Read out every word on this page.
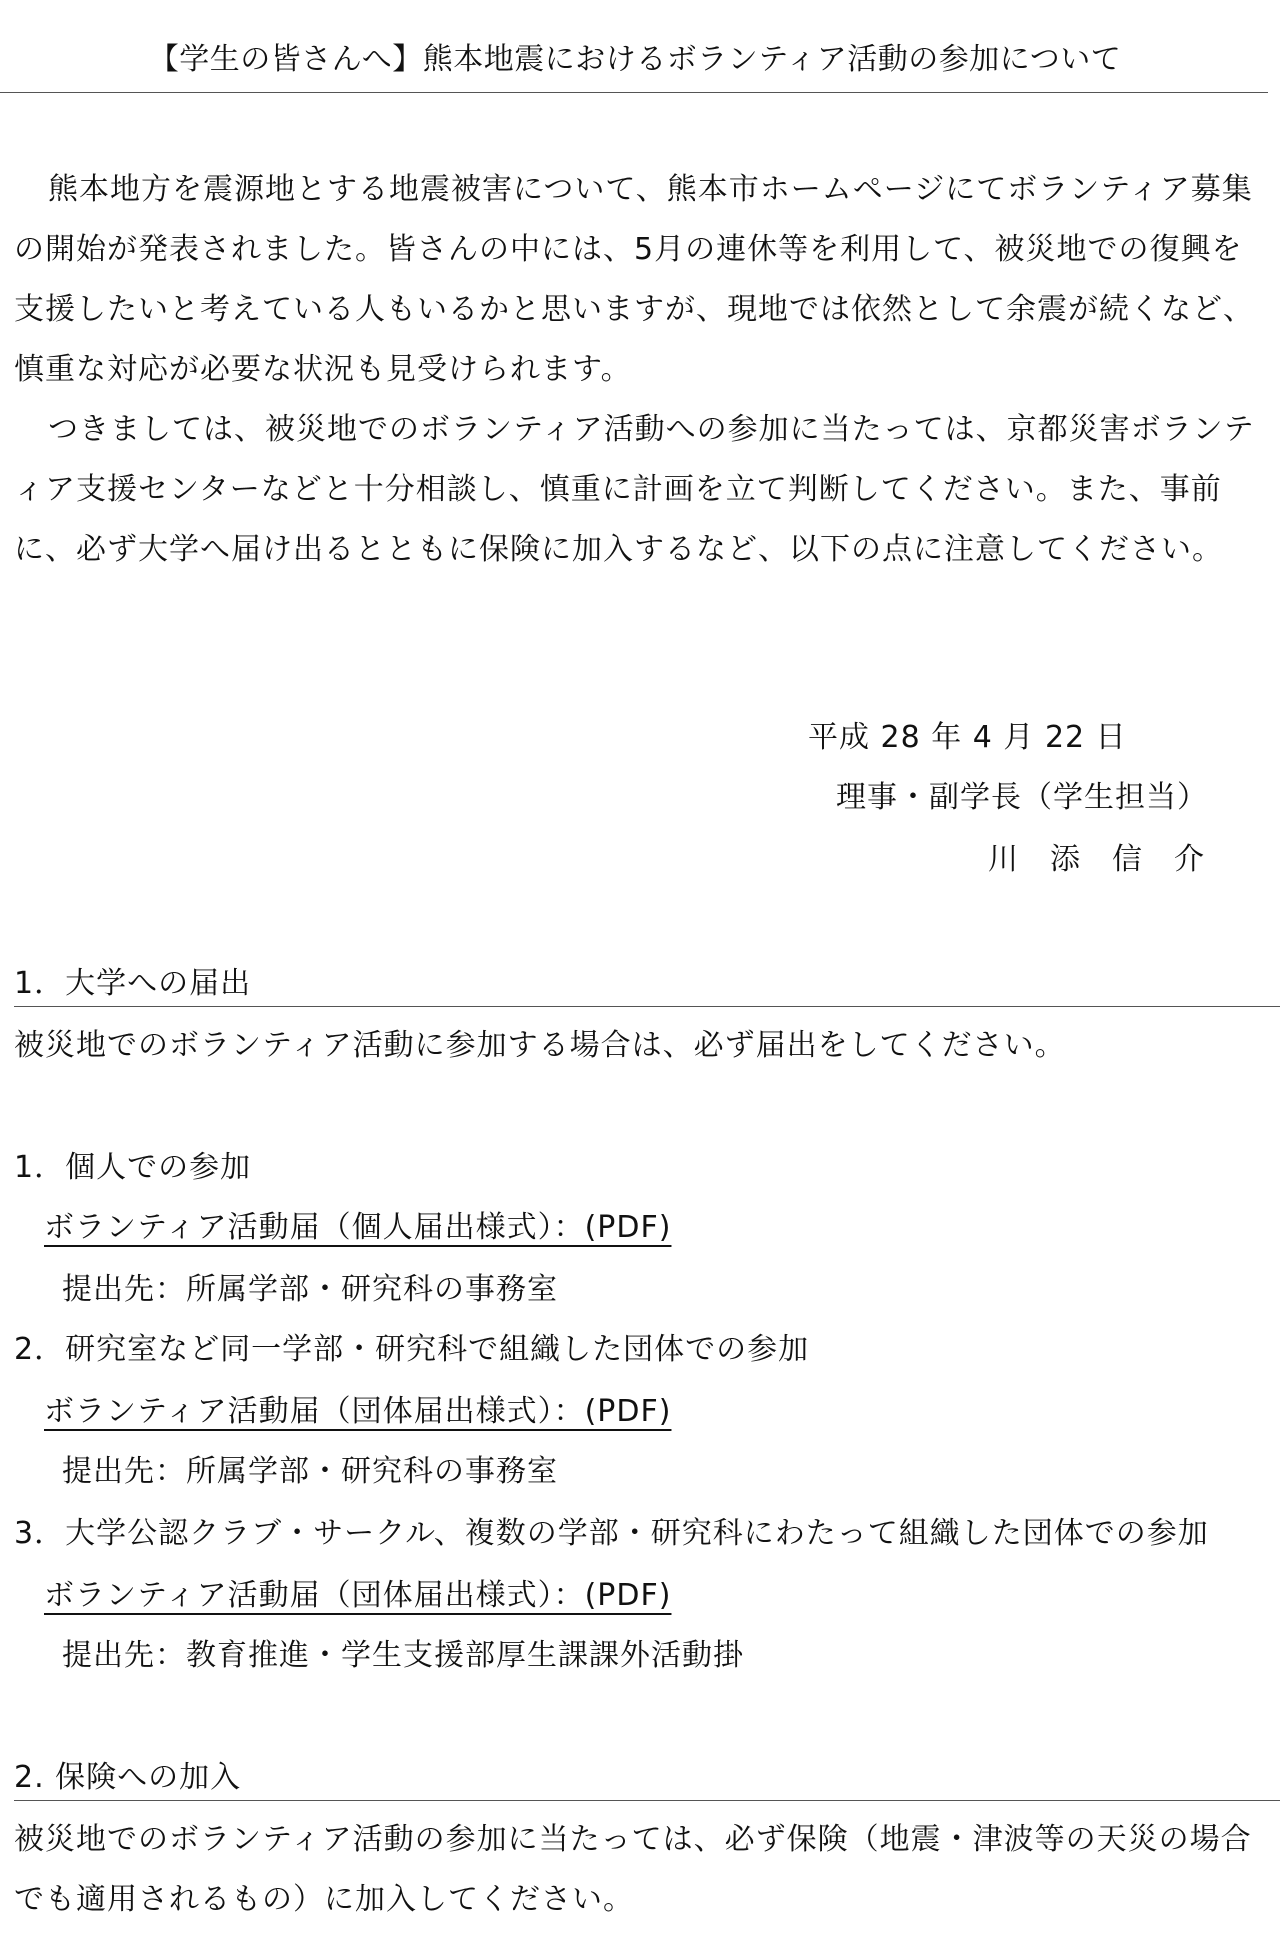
【学生の皆さんへ】熊本地震におけるボランティア活動の参加について
熊本地方を震源地とする地震被害について、熊本市ホームページにてボランティア募集の開始が発表されました。皆さんの中には、5月の連休等を利用して、被災地での復興を支援したいと考えている人もいるかと思いますが、現地では依然として余震が続くなど、慎重な対応が必要な状況も見受けられます。
つきましては、被災地でのボランティア活動への参加に当たっては、京都災害ボランティア支援センターなどと十分相談し、慎重に計画を立て判断してください。また、事前に、必ず大学へ届け出るとともに保険に加入するなど、以下の点に注意してください。
平成 28 年 4 月 22 日
理事・副学長（学生担当）
川　添　信　介
1．大学への届出
被災地でのボランティア活動に参加する場合は、必ず届出をしてください。
1．個人での参加
ボランティア活動届（個人届出様式）：(PDF)
提出先：所属学部・研究科の事務室
2．研究室など同一学部・研究科で組織した団体での参加
ボランティア活動届（団体届出様式）：(PDF)
提出先：所属学部・研究科の事務室
3．大学公認クラブ・サークル、複数の学部・研究科にわたって組織した団体での参加
ボランティア活動届（団体届出様式）：(PDF)
提出先：教育推進・学生支援部厚生課課外活動掛
2. 保険への加入
被災地でのボランティア活動の参加に当たっては、必ず保険（地震・津波等の天災の場合でも適用されるもの）に加入してください。
